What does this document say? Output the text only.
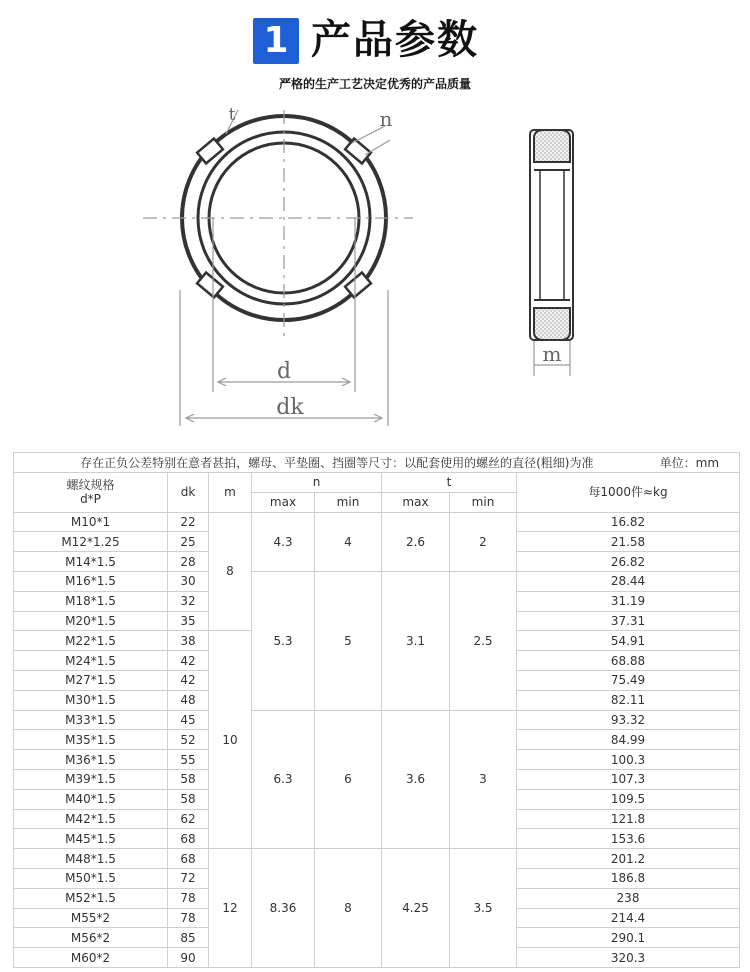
1 产品参数
严格的生产工艺决定优秀的产品质量
t	n
d
dk
m
存在正负公差特别在意者甚拍，螺母、平垫圈、挡圈等尺寸：以配套使用的螺丝的直径(粗细)为准 单位：mm							

螺纹规格
d*P	dk	m	n		t		每1000件≈kg
			max	min	max	min	
M10*1	22	8	4.3	4	2.6	2	16.82
M12*1.25	25						21.58
M14*1.5	28						26.82
M16*1.5	30		5.3	5	3.1	2.5	28.44
M18*1.5	32						31.19
M20*1.5	35						37.31
M22*1.5	38	10					54.91
M24*1.5	42						68.88
M27*1.5	42						75.49
M30*1.5	48						82.11
M33*1.5	45		6.3	6	3.6	3	93.32
M35*1.5	52						84.99
M36*1.5	55						100.3
M39*1.5	58						107.3
M40*1.5	58						109.5
M42*1.5	62						121.8
M45*1.5	68						153.6
M48*1.5	68	12	8.36	8	4.25	3.5	201.2
M50*1.5	72						186.8
M52*1.5	78						238
M55*2	78						214.4
M56*2	85						290.1
M60*2	90						320.3
